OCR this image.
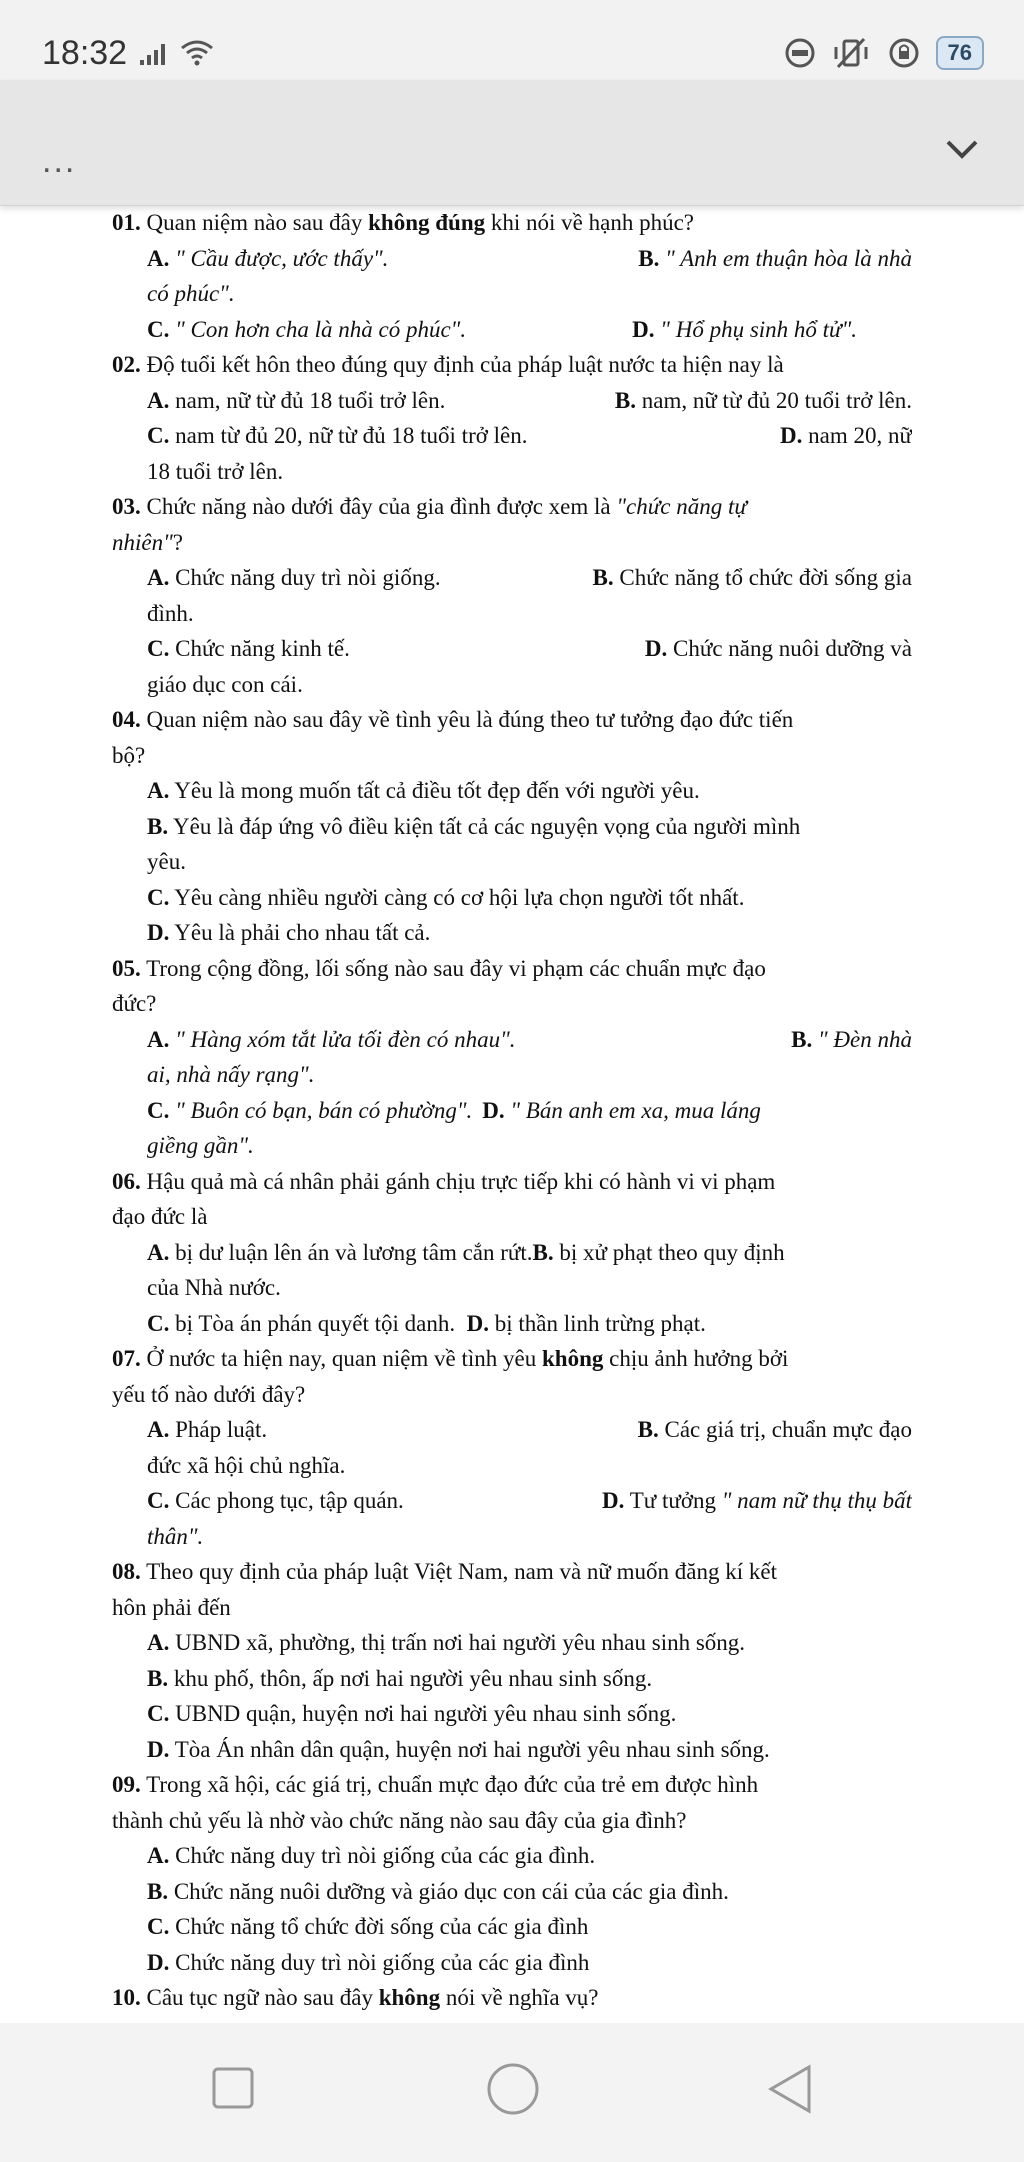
18:32	76
...

01. Quan niệm nào sau đây không đúng khi nói về hạnh phúc?

A. " Cầu được, ước thấy".	B. " Anh em thuận hòa là nhà

có phúc".

C. " Con hơn cha là nhà có phúc".	D. " Hổ phụ sinh hổ tử".

02. Độ tuổi kết hôn theo đúng quy định của pháp luật nước ta hiện nay là

A. nam, nữ từ đủ 18 tuổi trở lên.	B. nam, nữ từ đủ 20 tuổi trở lên.
C. nam từ đủ 20, nữ từ đủ 18 tuổi trở lên.	D. nam 20, nữ
18 tuổi trở lên.

03. Chức năng nào dưới đây của gia đình được xem là "chức năng tự

nhiên"?

A. Chức năng duy trì nòi giống.	B. Chức năng tổ chức đời sống gia
đình.
C. Chức năng kinh tế.	D. Chức năng nuôi dưỡng và
giáo dục con cái.

04. Quan niệm nào sau đây về tình yêu là đúng theo tư tưởng đạo đức tiến

bộ?

A. Yêu là mong muốn tất cả điều tốt đẹp đến với người yêu.
B. Yêu là đáp ứng vô điều kiện tất cả các nguyện vọng của người mình
yêu.
C. Yêu càng nhiều người càng có cơ hội lựa chọn người tốt nhất.
D. Yêu là phải cho nhau tất cả.

05. Trong cộng đồng, lối sống nào sau đây vi phạm các chuẩn mực đạo

đức?

A. " Hàng xóm tắt lửa tối đèn có nhau".	B. " Đèn nhà
ai, nhà nấy rạng".
C. " Buôn có bạn, bán có phường". D. " Bán anh em xa, mua láng
giềng gần".

06. Hậu quả mà cá nhân phải gánh chịu trực tiếp khi có hành vi vi phạm

đạo đức là

A. bị dư luận lên án và lương tâm cắn rứt.B. bị xử phạt theo quy định
của Nhà nước.
C. bị Tòa án phán quyết tội danh. D. bị thần linh trừng phạt.

07. Ở nước ta hiện nay, quan niệm về tình yêu không chịu ảnh hưởng bởi

yếu tố nào dưới đây?

A. Pháp luật.	B. Các giá trị, chuẩn mực đạo
đức xã hội chủ nghĩa.
C. Các phong tục, tập quán.	D. Tư tưởng " nam nữ thụ thụ bất
thân".

08. Theo quy định của pháp luật Việt Nam, nam và nữ muốn đăng kí kết

hôn phải đến

A. UBND xã, phường, thị trấn nơi hai người yêu nhau sinh sống.
B. khu phố, thôn, ấp nơi hai người yêu nhau sinh sống.
C. UBND quận, huyện nơi hai người yêu nhau sinh sống.
D. Tòa Án nhân dân quận, huyện nơi hai người yêu nhau sinh sống.

09. Trong xã hội, các giá trị, chuẩn mực đạo đức của trẻ em được hình

thành chủ yếu là nhờ vào chức năng nào sau đây của gia đình?

A. Chức năng duy trì nòi giống của các gia đình.
B. Chức năng nuôi dưỡng và giáo dục con cái của các gia đình.
C. Chức năng tổ chức đời sống của các gia đình
D. Chức năng duy trì nòi giống của các gia đình

10. Câu tục ngữ nào sau đây không nói về nghĩa vụ?
